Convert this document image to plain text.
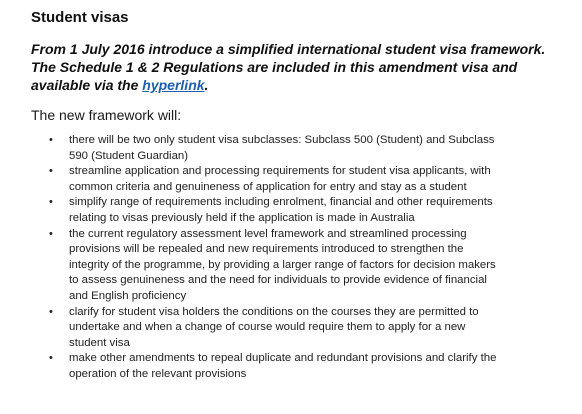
Student visas
From 1 July 2016 introduce a simplified international student visa framework.
The Schedule 1 & 2 Regulations are included in this amendment visa and
available via the hyperlink.
The new framework will:
• there will be two only student visa subclasses: Subclass 500 (Student) and Subclass
590 (Student Guardian)
• streamline application and processing requirements for student visa applicants, with
common criteria and genuineness of application for entry and stay as a student
• simplify range of requirements including enrolment, financial and other requirements
relating to visas previously held if the application is made in Australia
• the current regulatory assessment level framework and streamlined processing
provisions will be repealed and new requirements introduced to strengthen the
integrity of the programme, by providing a larger range of factors for decision makers
to assess genuineness and the need for individuals to provide evidence of financial
and English proficiency
• clarify for student visa holders the conditions on the courses they are permitted to
undertake and when a change of course would require them to apply for a new
student visa
• make other amendments to repeal duplicate and redundant provisions and clarify the
operation of the relevant provisions
